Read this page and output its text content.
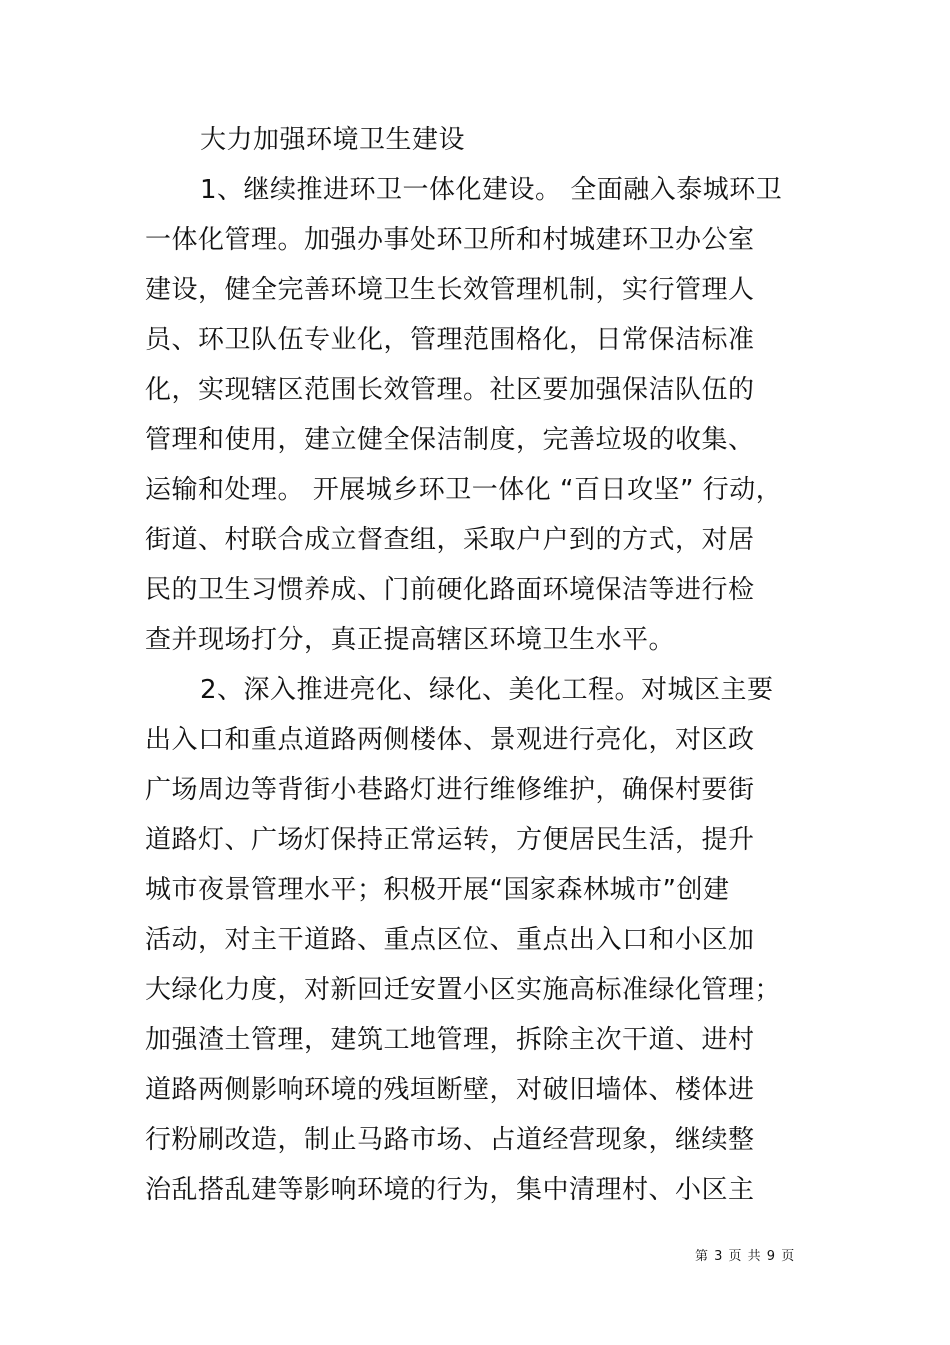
大力加强环境卫生建设
1、继续推进环卫一体化建设。 全面融入泰城环卫
一体化管理。加强办事处环卫所和村城建环卫办公室
建设，健全完善环境卫生长效管理机制，实行管理人
员、环卫队伍专业化，管理范围格化，日常保洁标准
化，实现辖区范围长效管理。社区要加强保洁队伍的
管理和使用，建立健全保洁制度，完善垃圾的收集、
运输和处理。 开展城乡环卫一体化 “百日攻坚” 行动，
街道、村联合成立督查组，采取户户到的方式，对居
民的卫生习惯养成、门前硬化路面环境保洁等进行检
查并现场打分，真正提高辖区环境卫生水平。
2、深入推进亮化、绿化、美化工程。对城区主要
出入口和重点道路两侧楼体、景观进行亮化，对区政
广场周边等背街小巷路灯进行维修维护，确保村要街
道路灯、广场灯保持正常运转，方便居民生活，提升
城市夜景管理水平；积极开展“国家森林城市”创建
活动，对主干道路、重点区位、重点出入口和小区加
大绿化力度，对新回迁安置小区实施高标准绿化管理；
加强渣土管理，建筑工地管理，拆除主次干道、进村
道路两侧影响环境的残垣断壁，对破旧墙体、楼体进
行粉刷改造，制止马路市场、占道经营现象，继续整
治乱搭乱建等影响环境的行为，集中清理村、小区主
第 3 页 共 9 页
